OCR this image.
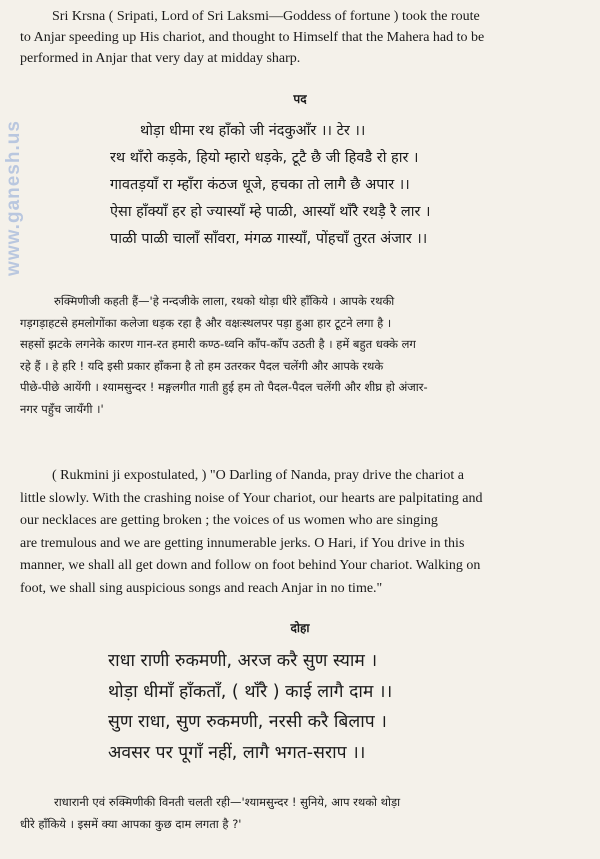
www.ganesh.us
Sri Krsna ( Sripati, Lord of Sri Laksmi—Goddess of fortune ) took the route
to Anjar speeding up His chariot, and thought to Himself that the Mahera had to be
performed in Anjar that very day at midday sharp.
पद
थोड़ा धीमा रथ हाँको जी नंदकुआँर ।। टेर ।।
रथ थाँरो कड़के, हियो म्हारो धड़के, टूटै छै जी हिवडै रो हार ।
गावतड़याँ रा म्हाँरा कंठज धूजे, हचका तो लागै छै अपार ।।
ऐसा हाँक्याँ हर हो ज्यास्याँ म्हे पाळी, आस्याँ थाँरै रथड़ै रै लार ।
पाळी पाळी चालाँ साँवरा, मंगळ गास्याँ, पोंहचाँ तुरत अंजार ।।
रुक्मिणीजी कहती हैं—'हे नन्दजीके लाला, रथको थोड़ा धीरे हाँकिये । आपके रथकी
गड़गड़ाहटसे हमलोगोंका कलेजा धड़क रहा है और वक्षःस्थलपर पड़ा हुआ हार टूटने लगा है ।
सहसों झटके लगनेके कारण गान-रत हमारी कण्ठ-ध्वनि काँप-काँप उठती है । हमें बहुत धक्के लग
रहे हैं । हे हरि ! यदि इसी प्रकार हाँकना है तो हम उतरकर पैदल चलेंगी और आपके रथके
पीछे-पीछे आयेंगी । श्यामसुन्दर ! मङ्गलगीत गाती हुई हम तो पैदल-पैदल चलेंगी और शीघ्र हो अंजार-
नगर पहुँच जायँगी ।'
( Rukmini ji expostulated, ) "O Darling of Nanda, pray drive the chariot a
little slowly. With the crashing noise of Your chariot, our hearts are palpitating and
our necklaces are getting broken ; the voices of us women who are singing
are tremulous and we are getting innumerable jerks. O Hari, if You drive in this
manner, we shall all get down and follow on foot behind Your chariot. Walking on
foot, we shall sing auspicious songs and reach Anjar in no time."
दोहा
राधा राणी रुकमणी, अरज करै सुण स्याम ।
थोड़ा धीमाँ हाँकताँ, ( थाँरै ) काई लागै दाम ।।
सुण राधा, सुण रुकमणी, नरसी करै बिलाप ।
अवसर पर पूगाँ नहीं, लागै भगत-सराप ।।
राधारानी एवं रुक्मिणीकी विनती चलती रही—'श्यामसुन्दर ! सुनिये, आप रथको थोड़ा
धीरे हाँकिये । इसमें क्या आपका कुछ दाम लगता है ?'
